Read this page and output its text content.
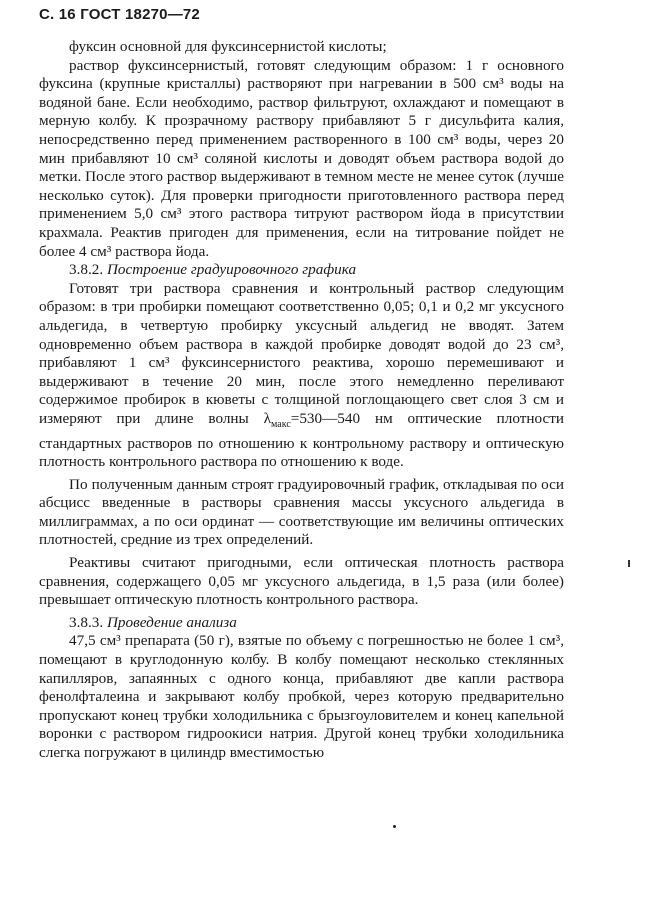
С. 16 ГОСТ 18270—72

фуксин основной для фуксинсернистой кислоты;

раствор фуксинсернистый, готовят следующим образом: 1 г основного фуксина (крупные кристаллы) растворяют при нагревании в 500 см³ воды на водяной бане. Если необходимо, раствор фильтруют, охлаждают и помещают в мерную колбу. К прозрачному раствору прибавляют 5 г дисульфита калия, непосредственно перед применением растворенного в 100 см³ воды, через 20 мин прибавляют 10 см³ соляной кислоты и доводят объем раствора водой до метки. После этого раствор выдерживают в темном месте не менее суток (лучше несколько суток). Для проверки пригодности приготовленного раствора перед применением 5,0 см³ этого раствора титруют раствором йода в присутствии крахмала. Реактив пригоден для применения, если на титрование пойдет не более 4 см³ раствора йода.

3.8.2. Построение градуировочного графика

Готовят три раствора сравнения и контрольный раствор следующим образом: в три пробирки помещают соответственно 0,05; 0,1 и 0,2 мг уксусного альдегида, в четвертую пробирку уксусный альдегид не вводят. Затем одновременно объем раствора в каждой пробирке доводят водой до 23 см³, прибавляют 1 см³ фуксинсернистого реактива, хорошо перемешивают и выдерживают в течение 20 мин, после этого немедленно переливают содержимое пробирок в кюветы с толщиной поглощающего свет слоя 3 см и измеряют при длине волны $\lambda_{макс}=530—540$ нм оптические плотности стандартных растворов по отношению к контрольному раствору и оптическую плотность контрольного раствора по отношению к воде.

По полученным данным строят градуировочный график, откладывая по оси абсцисс введенные в растворы сравнения массы уксусного альдегида в миллиграммах, а по оси ординат — соответствующие им величины оптических плотностей, средние из трех определений.

Реактивы считают пригодными, если оптическая плотность раствора сравнения, содержащего 0,05 мг уксусного альдегида, в 1,5 раза (или более) превышает оптическую плотность контрольного раствора.

3.8.3. Проведение анализа

47,5 см³ препарата (50 г), взятые по объему с погрешностью не более 1 см³, помещают в круглодонную колбу. В колбу помещают несколько стеклянных капилляров, запаянных с одного конца, прибавляют две капли раствора фенолфталеина и закрывают колбу пробкой, через которую предварительно пропускают конец трубки холодильника с брызгоуловителем и конец капельной воронки с раствором гидроокиси натрия. Другой конец трубки холодильника слегка погружают в цилиндр вместимостью
